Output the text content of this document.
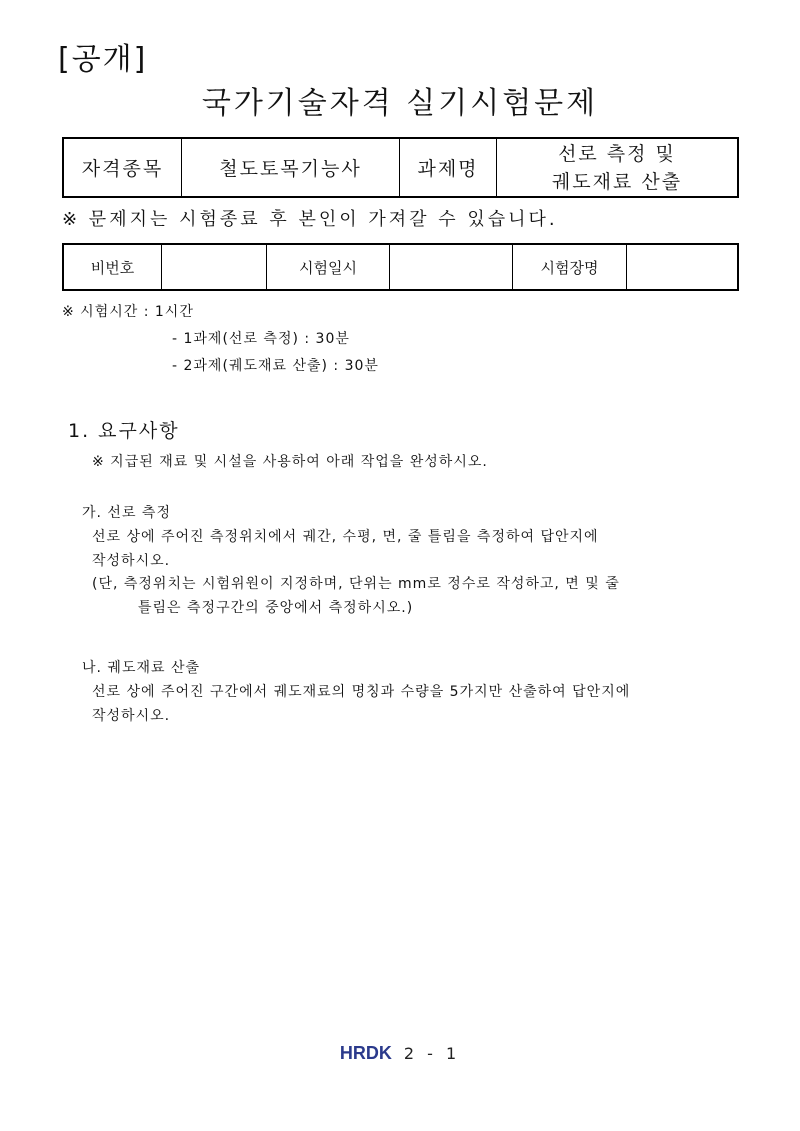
[공개]
국가기술자격 실기시험문제
자격종목	철도토목기능사	과제명	
선로 측정 및
궤도재료 산출
※ 문제지는 시험종료 후 본인이 가져갈 수 있습니다.
비번호		시험일시		시험장명	
※ 시험시간 : 1시간
- 1과제(선로 측정) : 30분
- 2과제(궤도재료 산출) : 30분
1. 요구사항
※ 지급된 재료 및 시설을 사용하여 아래 작업을 완성하시오.
가. 선로 측정
선로 상에 주어진 측정위치에서 궤간, 수평, 면, 줄 틀림을 측정하여 답안지에
작성하시오.
(단, 측정위치는 시험위원이 지정하며, 단위는 mm로 정수로 작성하고, 면 및 줄
틀림은 측정구간의 중앙에서 측정하시오.)
나. 궤도재료 산출
선로 상에 주어진 구간에서 궤도재료의 명칭과 수량을 5가지만 산출하여 답안지에
작성하시오.
HRDK 2 - 1
